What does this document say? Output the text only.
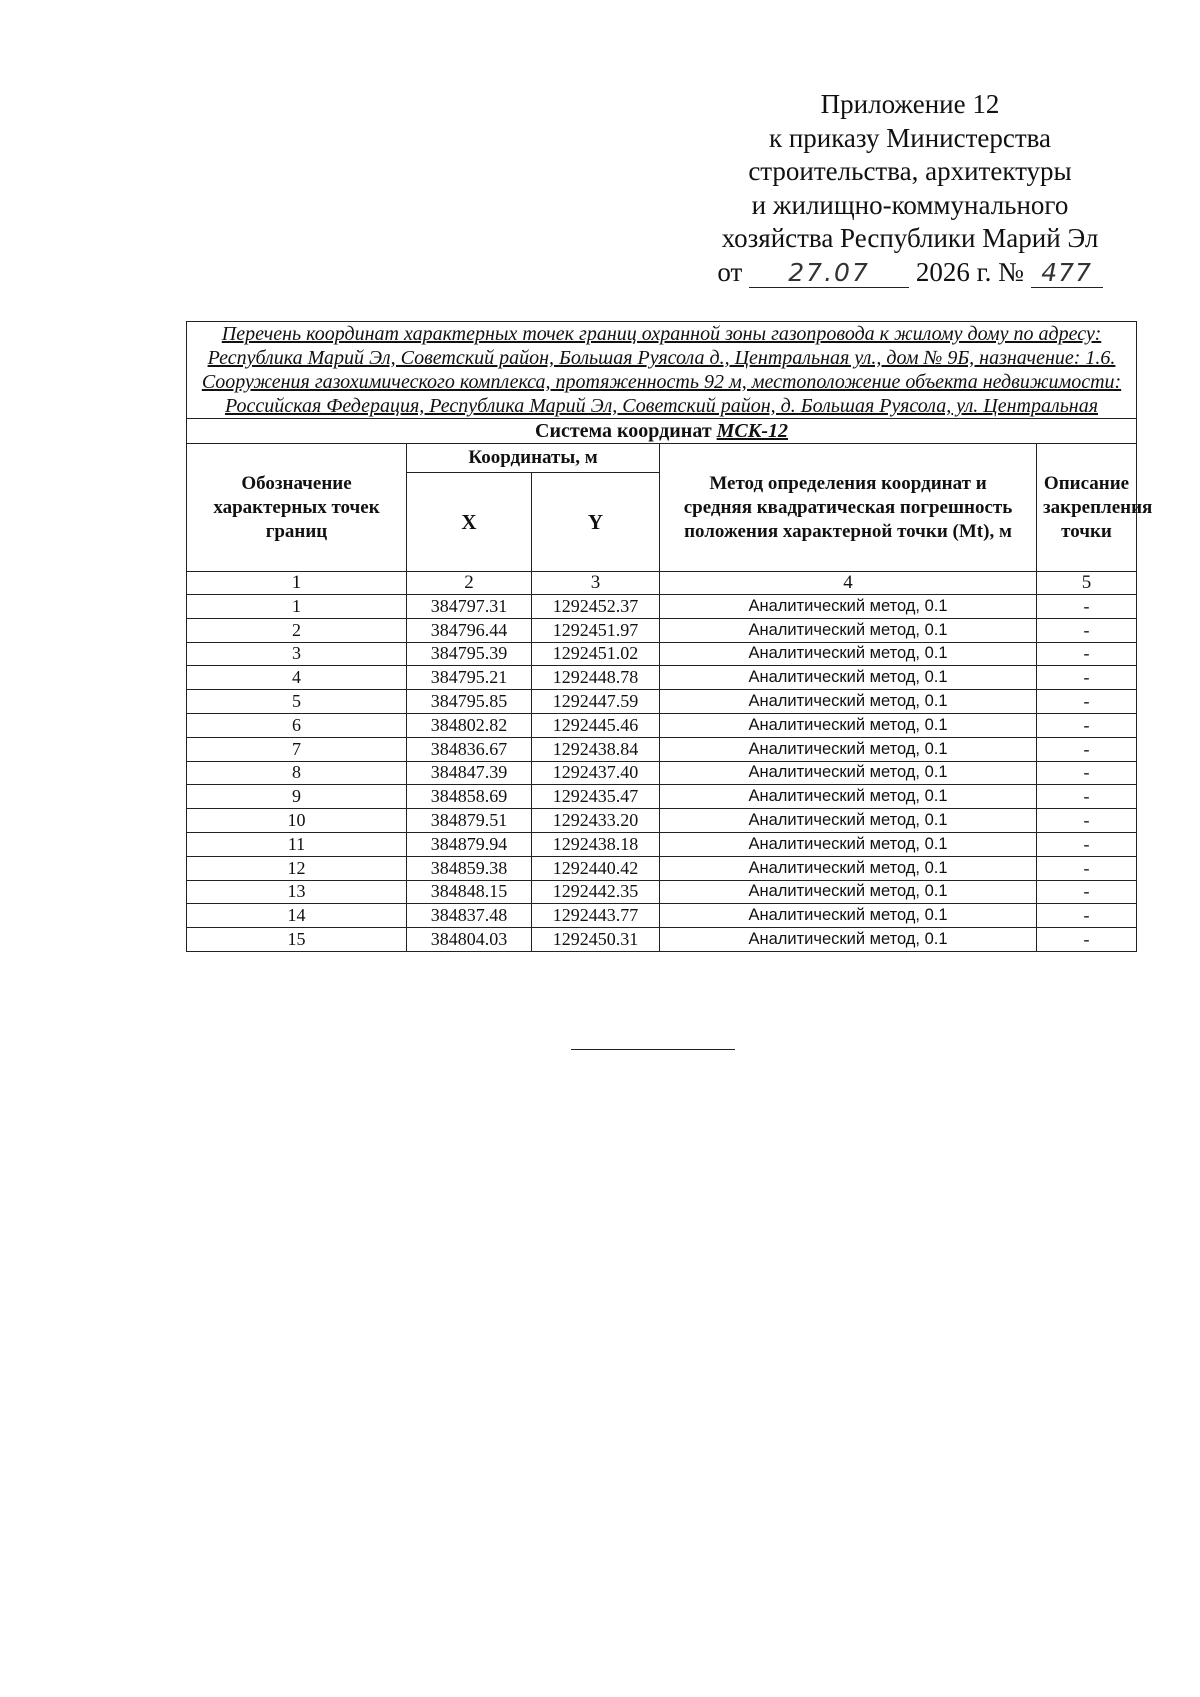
Приложение 12
к приказу Министерства
строительства, архитектуры
и жилищно-коммунального
хозяйства Республики Марий Эл
от 27.07 2026 г. № 477
Перечень координат характерных точек границ охранной зоны газопровода к жилому дому по адресу: Республика Марий Эл, Советский район, Большая Руясола д., Центральная ул., дом № 9Б, назначение: 1.6. Сооружения газохимического комплекса, протяженность 92 м, местоположение объекта недвижимости: Российская Федерация, Республика Марий Эл, Советский район, д. Большая Руясола, ул. Центральная				
Система координат МСК-12				
Обозначение характерных точек границ	Координаты, м		Метод определения координат и средняя квадратическая погрешность положения характерной точки (Mt), м	Описание закрепления точки
	X	Y		
1	2	3	4	5
1	384797.31	1292452.37	Аналитический метод, 0.1	-
2	384796.44	1292451.97	Аналитический метод, 0.1	-
3	384795.39	1292451.02	Аналитический метод, 0.1	-
4	384795.21	1292448.78	Аналитический метод, 0.1	-
5	384795.85	1292447.59	Аналитический метод, 0.1	-
6	384802.82	1292445.46	Аналитический метод, 0.1	-
7	384836.67	1292438.84	Аналитический метод, 0.1	-
8	384847.39	1292437.40	Аналитический метод, 0.1	-
9	384858.69	1292435.47	Аналитический метод, 0.1	-
10	384879.51	1292433.20	Аналитический метод, 0.1	-
11	384879.94	1292438.18	Аналитический метод, 0.1	-
12	384859.38	1292440.42	Аналитический метод, 0.1	-
13	384848.15	1292442.35	Аналитический метод, 0.1	-
14	384837.48	1292443.77	Аналитический метод, 0.1	-
15	384804.03	1292450.31	Аналитический метод, 0.1	-
